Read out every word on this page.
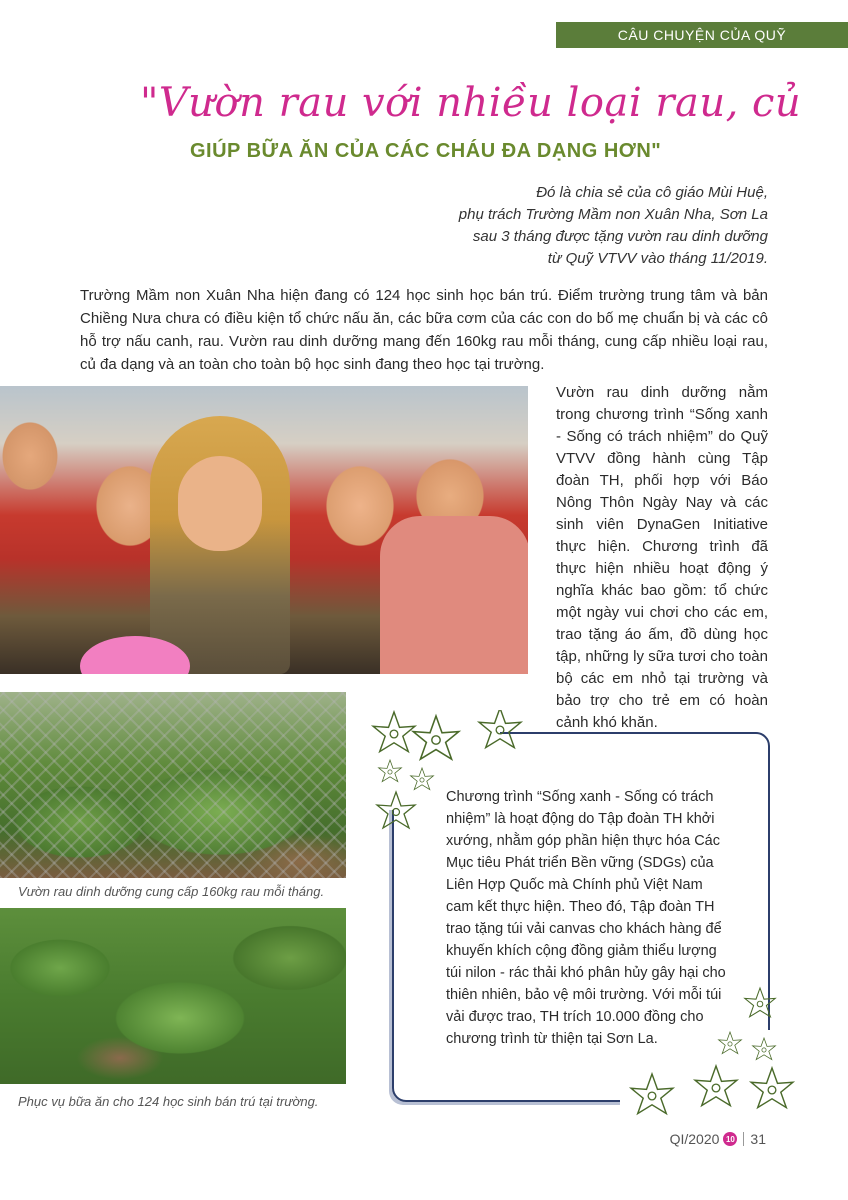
CÂU CHUYỆN CỦA QUỸ
"Vườn rau với nhiều loại rau, củ
GIÚP BỮA ĂN CỦA CÁC CHÁU ĐA DẠNG HƠN"
Đó là chia sẻ của cô giáo Mùi Huệ,
phụ trách Trường Mầm non Xuân Nha, Sơn La
sau 3 tháng được tặng vườn rau dinh dưỡng
từ Quỹ VTVV vào tháng 11/2019.
Trường Mầm non Xuân Nha hiện đang có 124 học sinh học bán trú. Điểm trường trung tâm và bản Chiềng Nưa chưa có điều kiện tổ chức nấu ăn, các bữa cơm của các con do bố mẹ chuẩn bị và các cô hỗ trợ nấu canh, rau. Vườn rau dinh dưỡng mang đến 160kg rau mỗi tháng, cung cấp nhiều loại rau, củ đa dạng và an toàn cho toàn bộ học sinh đang theo học tại trường.
Vườn rau dinh dưỡng nằm trong chương trình “Sống xanh - Sống có trách nhiệm” do Quỹ VTVV đồng hành cùng Tập đoàn TH, phối hợp với Báo Nông Thôn Ngày Nay và các sinh viên DynaGen Initiative thực hiện. Chương trình đã thực hiện nhiều hoạt động ý nghĩa khác bao gồm: tổ chức một ngày vui chơi cho các em, trao tặng áo ấm, đồ dùng học tập, những ly sữa tươi cho toàn bộ các em nhỏ tại trường và bảo trợ cho trẻ em có hoàn cảnh khó khăn.
Vườn rau dinh dưỡng cung cấp 160kg rau mỗi tháng.
Phục vụ bữa ăn cho 124 học sinh bán trú tại trường.
Chương trình “Sống xanh - Sống có trách nhiệm” là hoạt động do Tập đoàn TH khởi xướng, nhằm góp phần hiện thực hóa Các Mục tiêu Phát triển Bền vững (SDGs) của Liên Hợp Quốc mà Chính phủ Việt Nam cam kết thực hiện. Theo đó, Tập đoàn TH trao tặng túi vải canvas cho khách hàng để khuyến khích cộng đồng giảm thiểu lượng túi nilon - rác thải khó phân hủy gây hại cho thiên nhiên, bảo vệ môi trường. Với mỗi túi vải được trao, TH trích 10.000 đồng cho chương trình từ thiện tại Sơn La.
QI/2020 10 31
